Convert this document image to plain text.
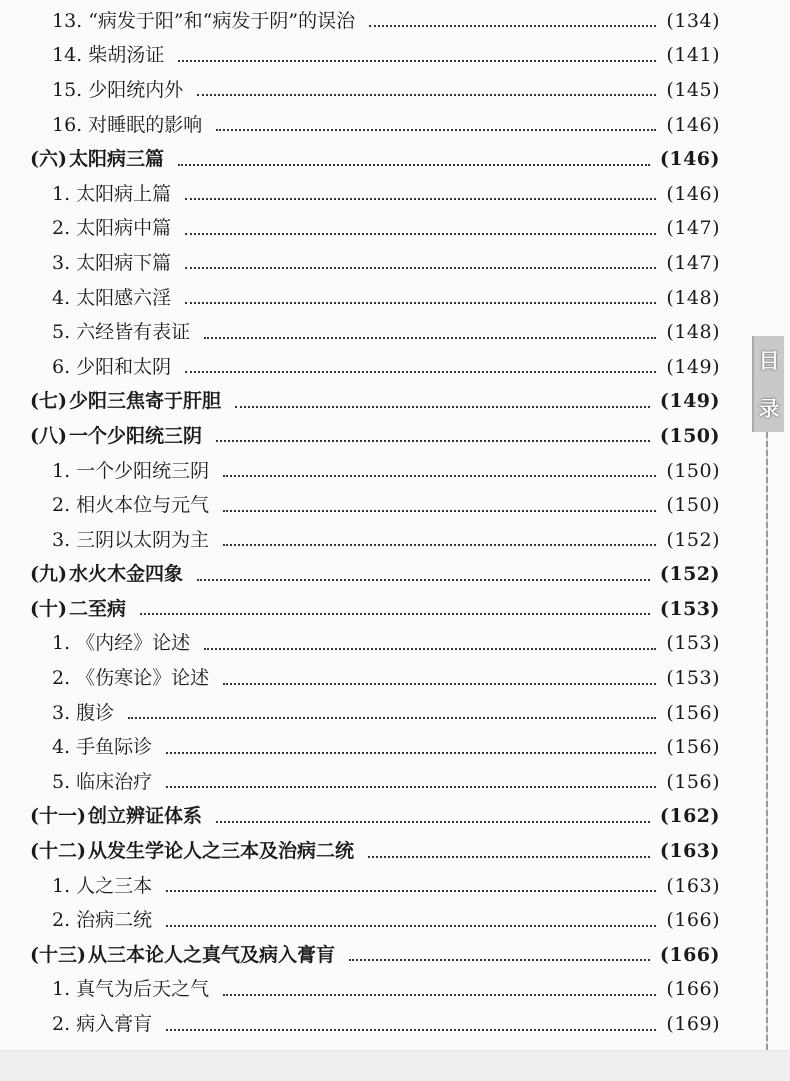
13. “病发于阳”和“病发于阴”的误治	(134)
14. 柴胡汤证	(141)
15. 少阳统内外	(145)
16. 对睡眠的影响	(146)
(六) 太阳病三篇	(146)
1. 太阳病上篇	(146)
2. 太阳病中篇	(147)
3. 太阳病下篇	(147)
4. 太阳感六淫	(148)
5. 六经皆有表证	(148)
6. 少阳和太阴	(149)
(七) 少阳三焦寄于肝胆	(149)
(八) 一个少阳统三阴	(150)
1. 一个少阳统三阴	(150)
2. 相火本位与元气	(150)
3. 三阴以太阴为主	(152)
(九) 水火木金四象	(152)
(十) 二至病	(153)
1. 《内经》论述	(153)
2. 《伤寒论》论述	(153)
3. 腹诊	(156)
4. 手鱼际诊	(156)
5. 临床治疗	(156)
(十一) 创立辨证体系	(162)
(十二) 从发生学论人之三本及治病二统	(163)
1. 人之三本	(163)
2. 治病二统	(166)
(十三) 从三本论人之真气及病入膏肓	(166)
1. 真气为后天之气	(166)
2. 病入膏肓	(169)
目
录
